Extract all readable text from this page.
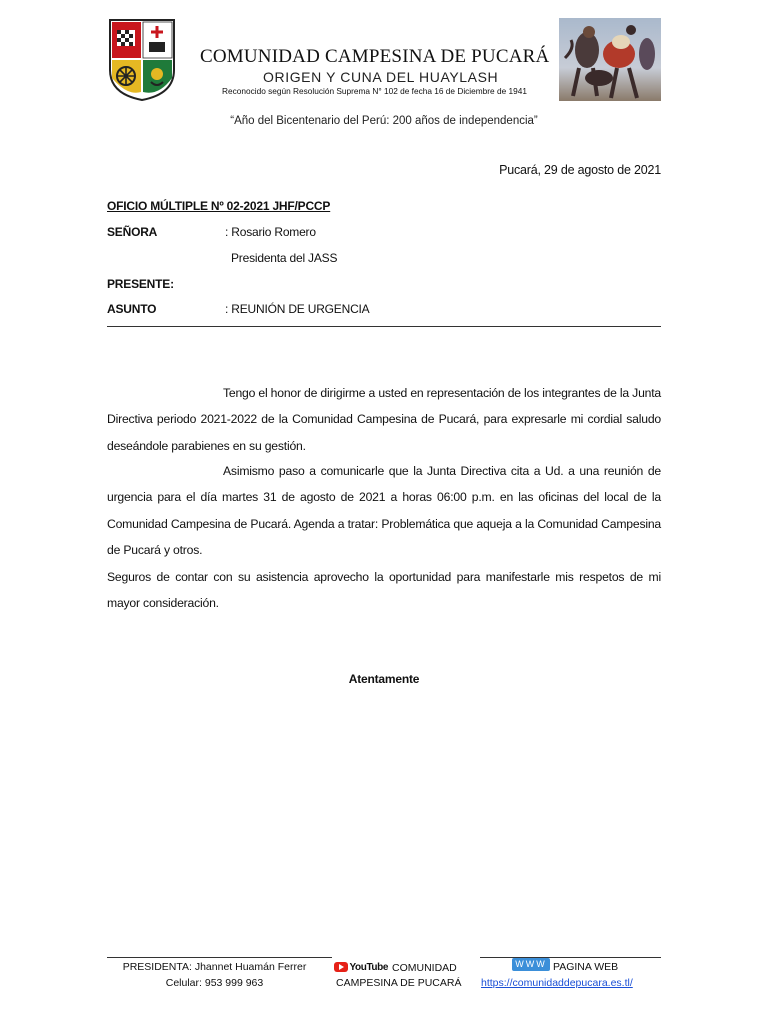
COMUNIDAD CAMPESINA DE PUCARÁ
ORIGEN Y CUNA DEL HUAYLASH
Reconocido según Resolución Suprema N° 102 de fecha 16 de Diciembre de 1941
“Año del Bicentenario del Perú: 200 años de independencia”
Pucará, 29 de agosto de 2021
OFICIO MÚLTIPLE Nº 02-2021 JHF/PCCP
SEÑORA	: Rosario Romero
Presidenta del JASS
PRESENTE:
ASUNTO	: REUNIÓN DE URGENCIA
Tengo el honor de dirigirme a usted en representación de los integrantes de la Junta Directiva periodo 2021-2022 de la Comunidad Campesina de Pucará, para expresarle mi cordial saludo deseándole parabienes en su gestión.
Asimismo paso a comunicarle que la Junta Directiva cita a Ud. a una reunión de urgencia para el día martes 31 de agosto de 2021 a horas 06:00 p.m. en las oficinas del local de la Comunidad Campesina de Pucará. Agenda a tratar: Problemática que aqueja a la Comunidad Campesina de Pucará y otros.
Seguros de contar con su asistencia aprovecho la oportunidad para manifestarle mis respetos de mi mayor consideración.
Atentamente
PRESIDENTA: Jhannet Huamán Ferrer
Celular: 953 999 963
YouTube COMUNIDAD
CAMPESINA DE PUCARÁ
WWW PAGINA WEB
https://comunidaddepucara.es.tl/
